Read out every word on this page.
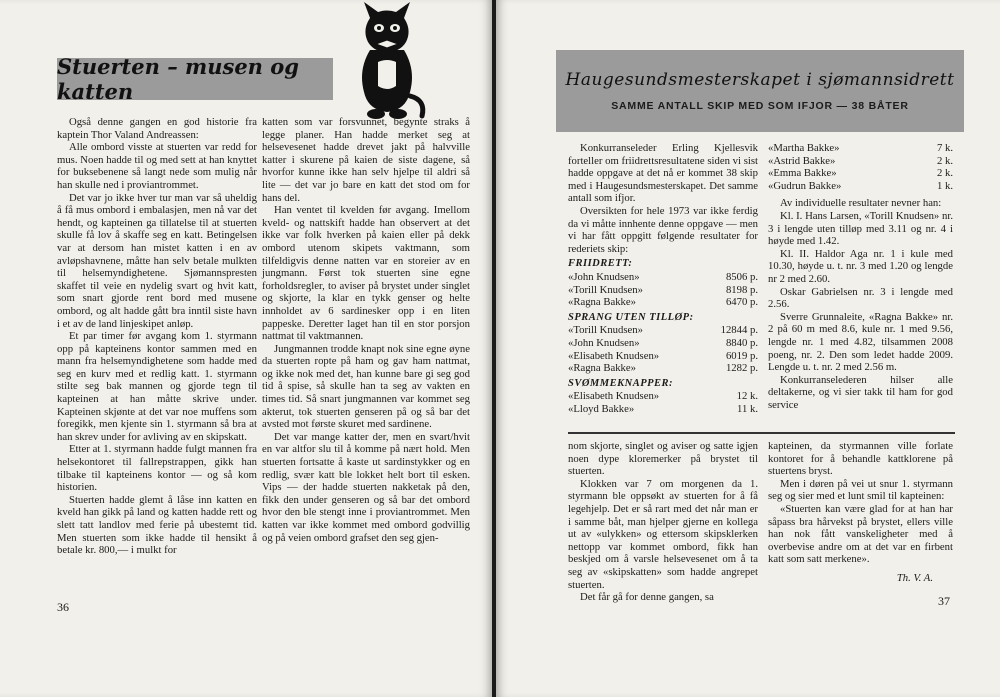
Stuerten – musen og katten

Også denne gangen en god historie fra kaptein Thor Valand Andreassen:

Alle ombord visste at stuerten var redd for mus. Noen hadde til og med sett at han knyttet for buksebenene så langt nede som mulig når han skulle ned i proviantrommet.

Det var jo ikke hver tur man var så uheldig å få mus ombord i embalasjen, men nå var det hendt, og kapteinen ga tillatelse til at stuerten skulle få lov å skaffe seg en katt. Betingelsen var at dersom han mistet katten i en av avløpshavnene, måtte han selv betale mulkten til helsemyndighetene. Sjømannspresten skaffet til veie en nydelig svart og hvit katt, som snart gjorde rent bord med musene ombord, og alt hadde gått bra inntil siste havn i et av de land linjeskipet anløp.

Et par timer før avgang kom 1. styrmann opp på kapteinens kontor sammen med en mann fra helsemyndighetene som hadde med seg en kurv med et redlig katt. 1. styrmann stilte seg bak mannen og gjorde tegn til kapteinen at han måtte skrive under. Kapteinen skjønte at det var noe muffens som foregikk, men kjente sin 1. styrmann så bra at han skrev under for avliving av en skipskatt.

Etter at 1. styrmann hadde fulgt mannen fra helsekontoret til fallrepstrappen, gikk han tilbake til kapteinens kontor — og så kom historien.

Stuerten hadde glemt å låse inn katten en kveld han gikk på land og katten hadde rett og slett tatt landlov med ferie på ubestemt tid. Men stuerten som ikke hadde til hensikt å betale kr. 800,— i mulkt for

katten som var forsvunnet, begynte straks å legge planer. Han hadde merket seg at helsevesenet hadde drevet jakt på halvville katter i skurene på kaien de siste dagene, så hvorfor kunne ikke han selv hjelpe til aldri så lite — det var jo bare en katt det stod om for hans del.

Han ventet til kvelden før avgang. Imellom kveld- og nattskift hadde han observert at det ikke var folk hverken på kaien eller på dekk ombord utenom skipets vaktmann, som tilfeldigvis denne natten var en storeier av en jungmann. Først tok stuerten sine egne forholdsregler, to aviser på brystet under singlet og skjorte, la klar en tykk genser og helte innholdet av 6 sardinesker opp i en liten pappeske. Deretter laget han til en stor porsjon nattmat til vaktmannen.

Jungmannen trodde knapt nok sine egne øyne da stuerten ropte på ham og gav ham nattmat, og ikke nok med det, han kunne bare gi seg god tid å spise, så skulle han ta seg av vakten en times tid. Så snart jungmannen var kommet seg akterut, tok stuerten genseren på og så bar det avsted mot første skuret med sardinene.

Det var mange katter der, men en svart/hvit en var altfor slu til å komme på nært hold. Men stuerten fortsatte å kaste ut sardinstykker og en redlig, svær katt ble lokket helt bort til esken. Vips — der hadde stuerten nakketak på den, fikk den under genseren og så bar det ombord hvor den ble stengt inne i proviantrommet. Men katten var ikke kommet med ombord godvillig og på veien ombord grafset den seg gjen-

36
Haugesundsmesterskapet i sjømannsidrett
SAMME ANTALL SKIP MED SOM IFJOR — 38 BÅTER

Konkurranseleder Erling Kjellesvik forteller om friidrettsresultatene siden vi sist hadde oppgave at det nå er kommet 38 skip med i Haugesundsmesterskapet. Det samme antall som ifjor.

Oversikten for hele 1973 var ikke ferdig da vi måtte innhente denne oppgave — men vi har fått oppgitt følgende resultater for rederiets skip:

FRIIDRETT:
«John Knudsen»	8506 p.
«Torill Knudsen»	8198 p.
«Ragna Bakke»	6470 p.
SPRANG UTEN TILLØP:
«Torill Knudsen»	12844 p.
«John Knudsen»	8840 p.
«Elisabeth Knudsen»	6019 p.
«Ragna Bakke»	1282 p.
SVØMMEKNAPPER:
«Elisabeth Knudsen»	12 k.
«Lloyd Bakke»	11 k.
«Martha Bakke»	7 k.
«Astrid Bakke»	2 k.
«Emma Bakke»	2 k.
«Gudrun Bakke»	1 k.

Av individuelle resultater nevner han:

Kl. I. Hans Larsen, «Torill Knudsen» nr. 3 i lengde uten tilløp med 3.11 og nr. 4 i høyde med 1.42.

Kl. II. Haldor Aga nr. 1 i kule med 10.30, høyde u. t. nr. 3 med 1.20 og lengde nr 2 med 2.60.

Oskar Gabrielsen nr. 3 i lengde med 2.56.

Sverre Grunnaleite, «Ragna Bakke» nr. 2 på 60 m med 8.6, kule nr. 1 med 9.56, lengde nr. 1 med 4.82, tilsammen 2008 poeng, nr. 2. Den som ledet hadde 2009. Lengde u. t. nr. 2 med 2.56 m.

Konkurranselederen hilser alle deltakerne, og vi sier takk til ham for god service

nom skjorte, singlet og aviser og satte igjen noen dype kloremerker på brystet til stuerten.

Klokken var 7 om morgenen da 1. styrmann ble oppsøkt av stuerten for å få legehjelp. Det er så rart med det når man er i samme båt, man hjelper gjerne en kollega ut av «ulykken» og ettersom skipsklerken nettopp var kommet ombord, fikk han beskjed om å varsle helsevesenet om å ta seg av «skipskatten» som hadde angrepet stuerten.

Det får gå for denne gangen, sa

kapteinen, da styrmannen ville forlate kontoret for å behandle kattklorene på stuertens bryst.

Men i døren på vei ut snur 1. styrmann seg og sier med et lunt smil til kapteinen:

«Stuerten kan være glad for at han har såpass bra hårvekst på brystet, ellers ville han nok fått vanskeligheter med å overbevise andre om at det var en firbent katt som satt merkene».

Th. V. A.
37
